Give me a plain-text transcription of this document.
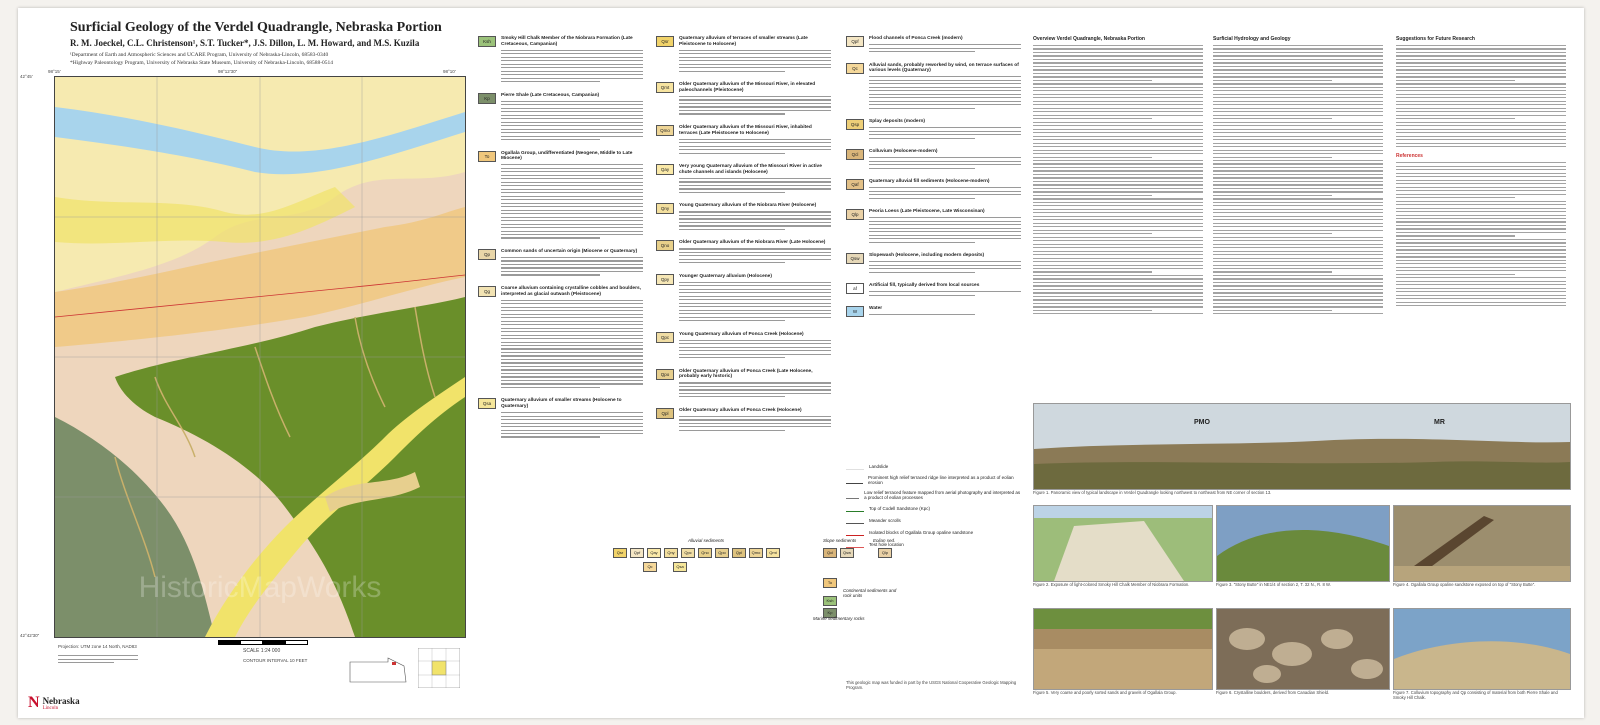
Surficial Geology of the Verdel Quadrangle, Nebraska Portion
R. M. Joeckel, C.L. Christenson¹, S.T. Tucker*, J.S. Dillon, L. M. Howard, and M.S. Kuzila
¹Department of Earth and Atmospheric Sciences and UCARE Program, University of Nebraska-Lincoln, 68583-0340
*Highway Paleontology Program, University of Nebraska State Museum, University of Nebraska-Lincoln, 68588-0514
98°15'	98°12'30"	98°10'
42°45'
42°42'30"
HistoricMapWorks
SCALE 1:24 000
CONTOUR INTERVAL 10 FEET
Projection: UTM zone 14 North, NAD83
N Nebraska
Lincoln
Ksh
Smoky Hill Chalk Member of the Niobrara Formation (Late Cretaceous, Campanian)
Kp
Pierre Shale (Late Cretaceous, Campanian)
To
Ogallala Group, undifferentiated (Neogene, Middle to Late Miocene)
Qp
Common sands of uncertain origin (Miocene or Quaternary)
Qg
Coarse alluvium containing crystalline cobbles and boulders, interpreted as glacial outwash (Pleistocene)
Qsa
Quaternary alluvium of smaller streams (Holocene to Quaternary)
Qsr
Quaternary alluvium of terraces of smaller streams (Late Pleistocene to Holocene)
Qmt
Older Quaternary alluvium of the Missouri River, in elevated paleochannels (Pleistocene)
Qmo
Older Quaternary alluvium of the Missouri River, inhabited terraces (Late Pleistocene to Holocene)
Qay
Very young Quaternary alluvium of the Missouri River in active chute channels and islands (Holocene)
Qny
Young Quaternary alluvium of the Niobrara River (Holocene)
Qno
Older Quaternary alluvium of the Niobrara River (Late Holocene)
Qpy
Younger Quaternary alluvium (Holocene)
Qpc
Young Quaternary alluvium of Ponca Creek (Holocene)
Qpo
Older Quaternary alluvium of Ponca Creek (Late Holocene, probably early historic)
Qpl
Older Quaternary alluvium of Ponca Creek (Holocene)
Qpf
Flood channels of Ponca Creek (modern)
Qc
Alluvial sands, probably reworked by wind, on terrace surfaces of various levels (Quaternary)
Qsp
Splay deposits (modern)
Qcl
Colluvium (Holocene-modern)
Qaf
Quaternary alluvial fill sediments (Holocene-modern)
Qlp
Peoria Loess (Late Pleistocene, Late Wisconsinan)
Qsw
Slopewash (Holocene, including modern deposits)
af
Artificial fill, typically derived from local sources
W
Water
Landslide
Prominent high relief terraced ridge line interpreted as a product of eolian erosion
Low relief terraced feature mapped from aerial photography and interpreted as a product of eolian processes
Top of Codell Sandstone (Kpc)
Meander scrolls
Isolated blocks of Ogallala Group opaline sandstone
Test hole location
Alluvial sediments	Slope sediments	Eolian sed.
Qsr	Qpf	Qay	Qny	Qpc	Qno	Qpo	Qpl	Qmo	Qmt
Qc	Qsa
Qcl	Qsw	Qlp
To
Ksh
Kp
Continental sediments and rock units
Marine sedimentary rocks
Overview Verdel Quadrangle, Nebraska Portion	Surficial Hydrology and Geology	Suggestions for Future Research
References
PMO	MR
Figure 1. Panoramic view of typical landscape in Verdel Quadrangle looking northwest to northeast from NE corner of section 13.
Figure 2. Exposure of light-colored Smoky Hill Chalk Member of Niobrara Formation.	Figure 3. "Stony Butte" in NE1/4 of section 2, T. 32 N., R. 8 W.	Figure 4. Ogallala Group opaline sandstone exposed on top of "Stony Butte".
Figure 5. Very coarse and poorly sorted sands and gravels of Ogallala Group.	Figure 6. Crystalline boulders, derived from Canadian Shield.	Figure 7. Colluvium topography and Qp consisting of material from both Pierre Shale and Smoky Hill Chalk.
This geologic map was funded in part by the USGS National Cooperative Geologic Mapping Program.
